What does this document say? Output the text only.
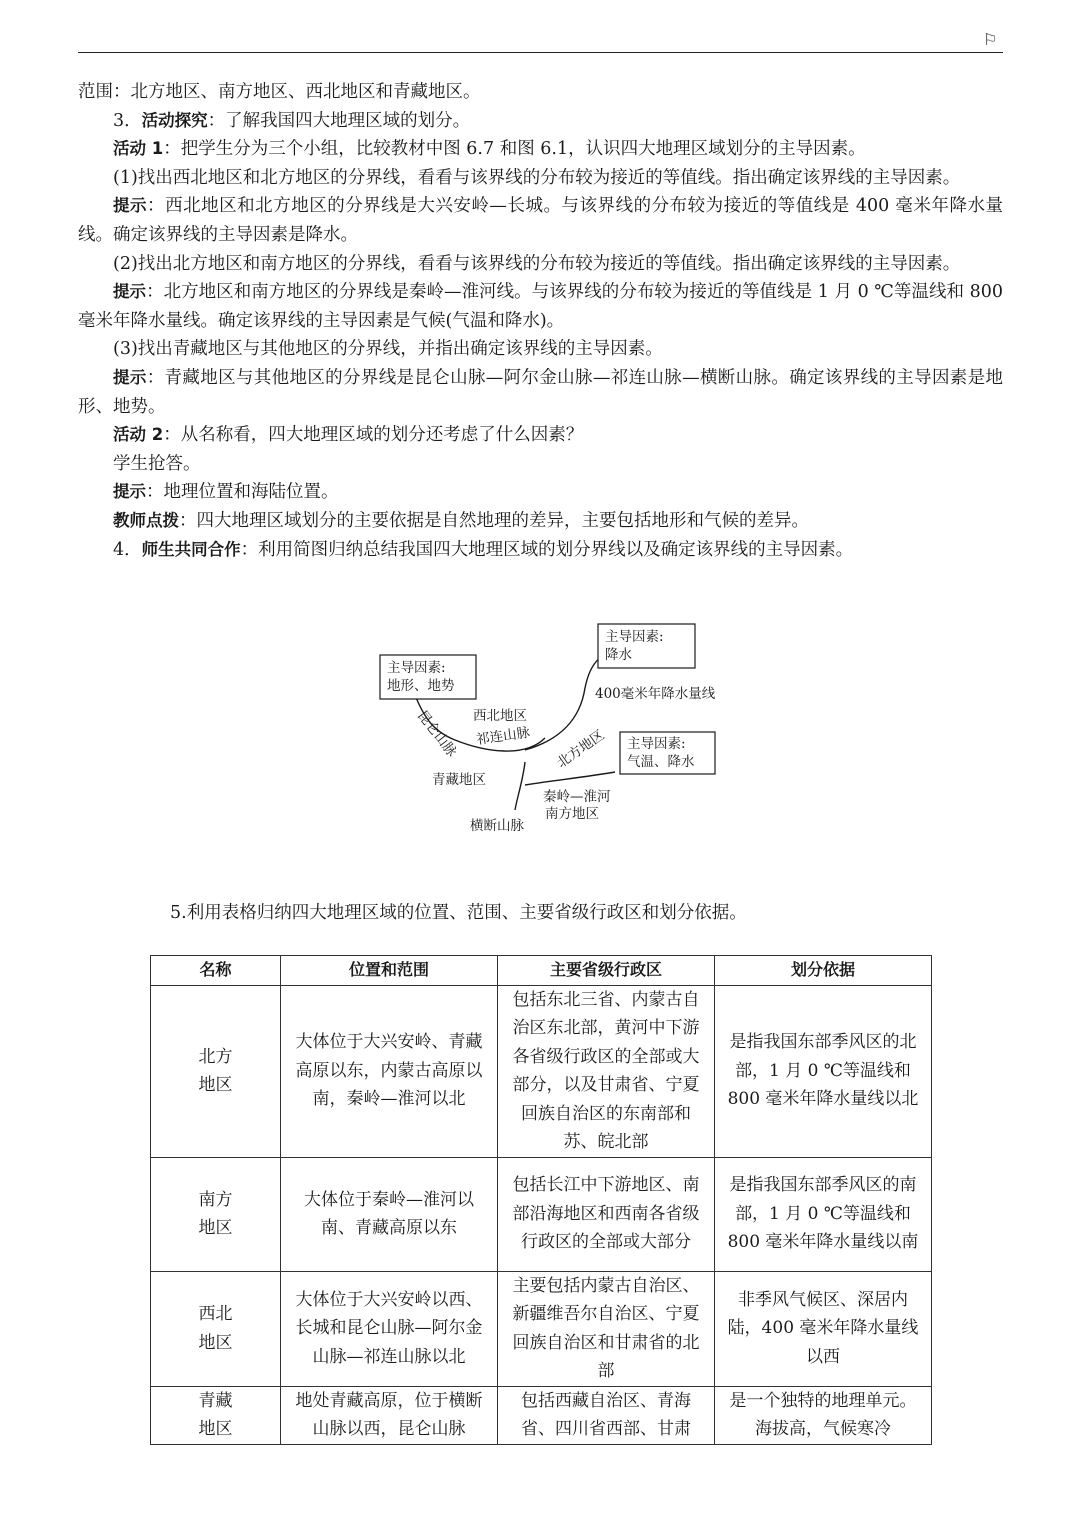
⚐

范围：北方地区、南方地区、西北地区和青藏地区。

3．活动探究：了解我国四大地理区域的划分。

活动 1：把学生分为三个小组，比较教材中图 6.7 和图 6.1，认识四大地理区域划分的主导因素。

(1)找出西北地区和北方地区的分界线，看看与该界线的分布较为接近的等值线。指出确定该界线的主导因素。

提示：西北地区和北方地区的分界线是大兴安岭—长城。与该界线的分布较为接近的等值线是 400 毫米年降水量线。确定该界线的主导因素是降水。

(2)找出北方地区和南方地区的分界线，看看与该界线的分布较为接近的等值线。指出确定该界线的主导因素。

提示：北方地区和南方地区的分界线是秦岭—淮河线。与该界线的分布较为接近的等值线是 1 月 0 ℃等温线和 800 毫米年降水量线。确定该界线的主导因素是气候(气温和降水)。

(3)找出青藏地区与其他地区的分界线，并指出确定该界线的主导因素。

提示：青藏地区与其他地区的分界线是昆仑山脉—阿尔金山脉—祁连山脉—横断山脉。确定该界线的主导因素是地形、地势。

活动 2：从名称看，四大地理区域的划分还考虑了什么因素？

学生抢答。

提示：地理位置和海陆位置。

教师点拨：四大地理区域划分的主要依据是自然地理的差异，主要包括地形和气候的差异。

4．师生共同合作：利用简图归纳总结我国四大地理区域的划分界线以及确定该界线的主导因素。

主导因素:
地形、地势
主导因素:
降水
主导因素:
气温、降水
400毫米年降水量线
西北地区
北方地区
青藏地区
南方地区
昆仑山脉 祁连山脉
横断山脉
秦岭—淮河
5.利用表格归纳四大地理区域的位置、范围、主要省级行政区和划分依据。
名称	位置和范围	主要省级行政区	划分依据
北方地区	大体位于大兴安岭、青藏高原以东，内蒙古高原以南，秦岭—淮河以北	包括东北三省、内蒙古自治区东北部，黄河中下游各省级行政区的全部或大部分，以及甘肃省、宁夏回族自治区的东南部和苏、皖北部	是指我国东部季风区的北部，1 月 0 ℃等温线和 800 毫米年降水量线以北
南方地区	大体位于秦岭—淮河以南、青藏高原以东	包括长江中下游地区、南部沿海地区和西南各省级行政区的全部或大部分	是指我国东部季风区的南部，1 月 0 ℃等温线和 800 毫米年降水量线以南
西北地区	大体位于大兴安岭以西、长城和昆仑山脉—阿尔金山脉—祁连山脉以北	主要包括内蒙古自治区、新疆维吾尔自治区、宁夏回族自治区和甘肃省的北部	非季风气候区、深居内陆，400 毫米年降水量线以西
青藏地区	地处青藏高原，位于横断山脉以西，昆仑山脉	包括西藏自治区、青海省、四川省西部、甘肃	是一个独特的地理单元。海拔高，气候寒冷
